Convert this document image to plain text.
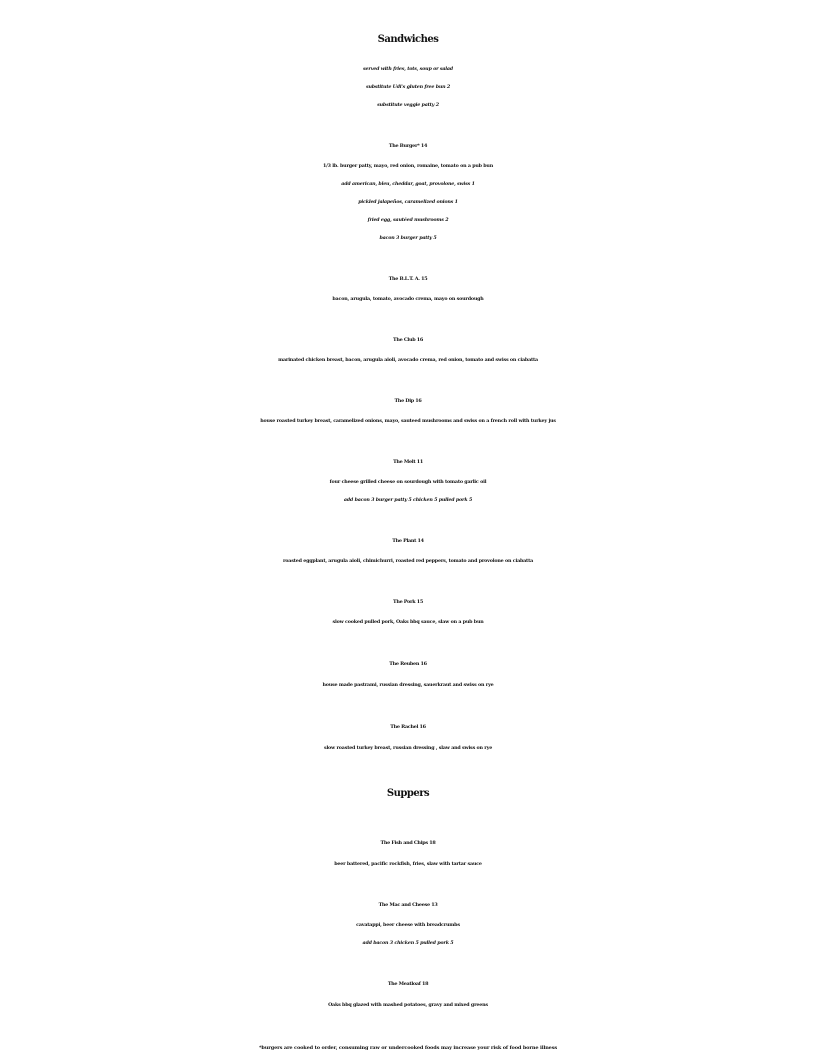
Sandwiches
served with fries, tots, soup or salad
substitute Udi's gluten free bun 2
substitute veggie patty 2
The Burger* 14
1/3 lb. burger patty, mayo, red onion, romaine, tomato on a pub bun
add american, bleu, cheddar, goat, provolone, swiss 1
pickled jalapeños, caramelized onions 1
fried egg, sautéed mushrooms 2
bacon 3 burger patty 5
The B.L.T. A. 15
bacon, arugula, tomato, avocado crema, mayo on sourdough
The Club 16
marinated chicken breast, bacon, arugula aioli, avocado crema, red onion, tomato and swiss on ciabatta
The Dip 16
house roasted turkey breast, caramelized onions, mayo, sauteed mushrooms and swiss on a french roll with turkey jus
The Melt 11
four cheese grilled cheese on sourdough with tomato garlic oil
add bacon 3 burger patty 5 chicken 5 pulled pork 5
The Plant 14
roasted eggplant, arugula aioli, chimichurri, roasted red peppers, tomato and provolone on ciabatta
The Pork 15
slow cooked pulled pork, Oaks bbq sauce, slaw on a pub bun
The Reuben 16
house made pastrami, russian dressing, sauerkraut and swiss on rye
The Rachel 16
slow roasted turkey breast, russian dressing , slaw and swiss on rye
Suppers
The Fish and Chips 18
beer battered, pacific rockfish, fries, slaw with tartar sauce
The Mac and Cheese 13
cavatappi, beer cheese with breadcrumbs
add bacon 3 chicken 5 pulled pork 5
The Meatloaf 18
Oaks bbq glazed with mashed potatoes, gravy and mixed greens
*burgers are cooked to order, consuming raw or undercooked foods may increase your risk of food borne illness
